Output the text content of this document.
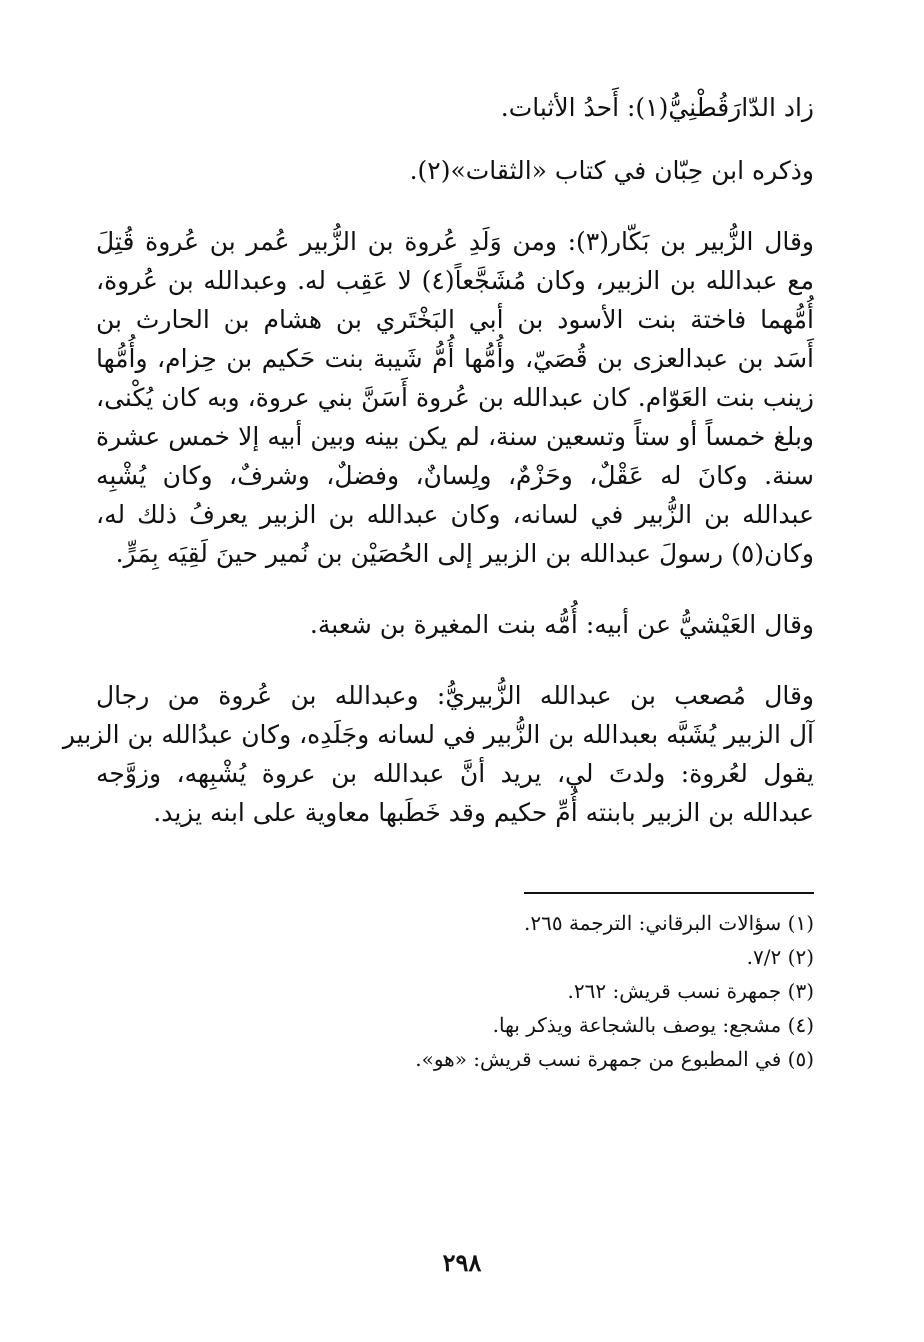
زاد الدّارَقُطْنِيُّ(١): أَحدُ الأثبات.
وذكره ابن حِبّان في كتاب «الثقات»(٢).
وقال الزُّبير بن بَكّار(٣): ومن وَلَدِ عُروة بن الزُّبير عُمر بن عُروة قُتِلَ
مع عبدالله بن الزبير، وكان مُشَجَّعاً(٤) لا عَقِب له. وعبدالله بن عُروة،
أُمُّهما فاختة بنت الأسود بن أبي البَخْتَري بن هشام بن الحارث بن
أَسَد بن عبدالعزى بن قُصَيّ، وأُمُّها أُمُّ شَيبة بنت حَكيم بن حِزام، وأُمُّها
زينب بنت العَوّام. كان عبدالله بن عُروة أَسَنَّ بني عروة، وبه كان يُكْنى،
وبلغ خمساً أو ستاً وتسعين سنة، لم يكن بينه وبين أبيه إلا خمس عشرة
سنة. وكانَ له عَقْلٌ، وحَزْمٌ، ولِسانٌ، وفضلٌ، وشرفٌ، وكان يُشْبِه
عبدالله بن الزُّبير في لسانه، وكان عبدالله بن الزبير يعرفُ ذلك له،
وكان(٥) رسولَ عبدالله بن الزبير إلى الحُصَيْن بن نُمير حينَ لَقِيَه بِمَرٍّ.
وقال العَيْشيُّ عن أبيه: أُمُّه بنت المغيرة بن شعبة.
وقال مُصعب بن عبدالله الزُّبيريُّ: وعبدالله بن عُروة من رجال
آل الزبير يُشَبَّه بعبدالله بن الزُّبير في لسانه وجَلَدِه، وكان عبدُالله بن الزبير
يقول لعُروة: ولدتَ لي، يريد أنَّ عبدالله بن عروة يُشْبِهه، وزوَّجه
عبدالله بن الزبير بابنته أُمِّ حكيم وقد خَطَبها معاوية على ابنه يزيد.
(١) سؤالات البرقاني: الترجمة ٢٦٥.
(٢) ٧/٢.
(٣) جمهرة نسب قريش: ٢٦٢.
(٤) مشجع: يوصف بالشجاعة ويذكر بها.
(٥) في المطبوع من جمهرة نسب قريش: «هو».
٢٩٨
